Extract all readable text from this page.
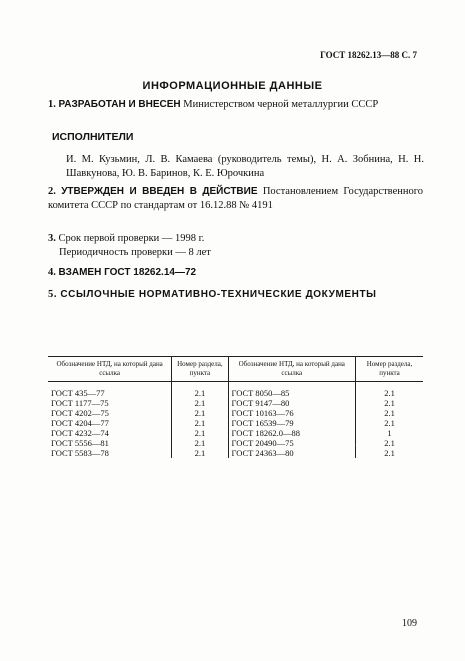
ГОСТ 18262.13—88 С. 7
ИНФОРМАЦИОННЫЕ ДАННЫЕ
1. РАЗРАБОТАН И ВНЕСЕН Министерством черной металлургии СССР
ИСПОЛНИТЕЛИ
И. М. Кузьмин, Л. В. Камаева (руководитель темы), Н. А. Зобнина, Н. Н. Шавкунова, Ю. В. Баринов, К. Е. Юрочкина
2. УТВЕРЖДЕН И ВВЕДЕН В ДЕЙСТВИЕ Постановлением Государственного комитета СССР по стандартам от 16.12.88 № 4191
3. Срок первой проверки — 1998 г.
Периодичность проверки — 8 лет
4. ВЗАМЕН ГОСТ 18262.14—72
5. ССЫЛОЧНЫЕ НОРМАТИВНО-ТЕХНИЧЕСКИЕ ДОКУМЕНТЫ
Обозначение НТД, на который дана ссылка	Номер раздела, пункта	Обозначение НТД, на который дана ссылка	Номер раздела, пункта
ГОСТ 435—77	2.1	ГОСТ 8050—85	2.1
ГОСТ 1177—75	2.1	ГОСТ 9147—80	2.1
ГОСТ 4202—75	2.1	ГОСТ 10163—76	2.1
ГОСТ 4204—77	2.1	ГОСТ 16539—79	2.1
ГОСТ 4232—74	2.1	ГОСТ 18262.0—88	1
ГОСТ 5556—81	2.1	ГОСТ 20490—75	2.1
ГОСТ 5583—78	2.1	ГОСТ 24363—80	2.1
·
109
